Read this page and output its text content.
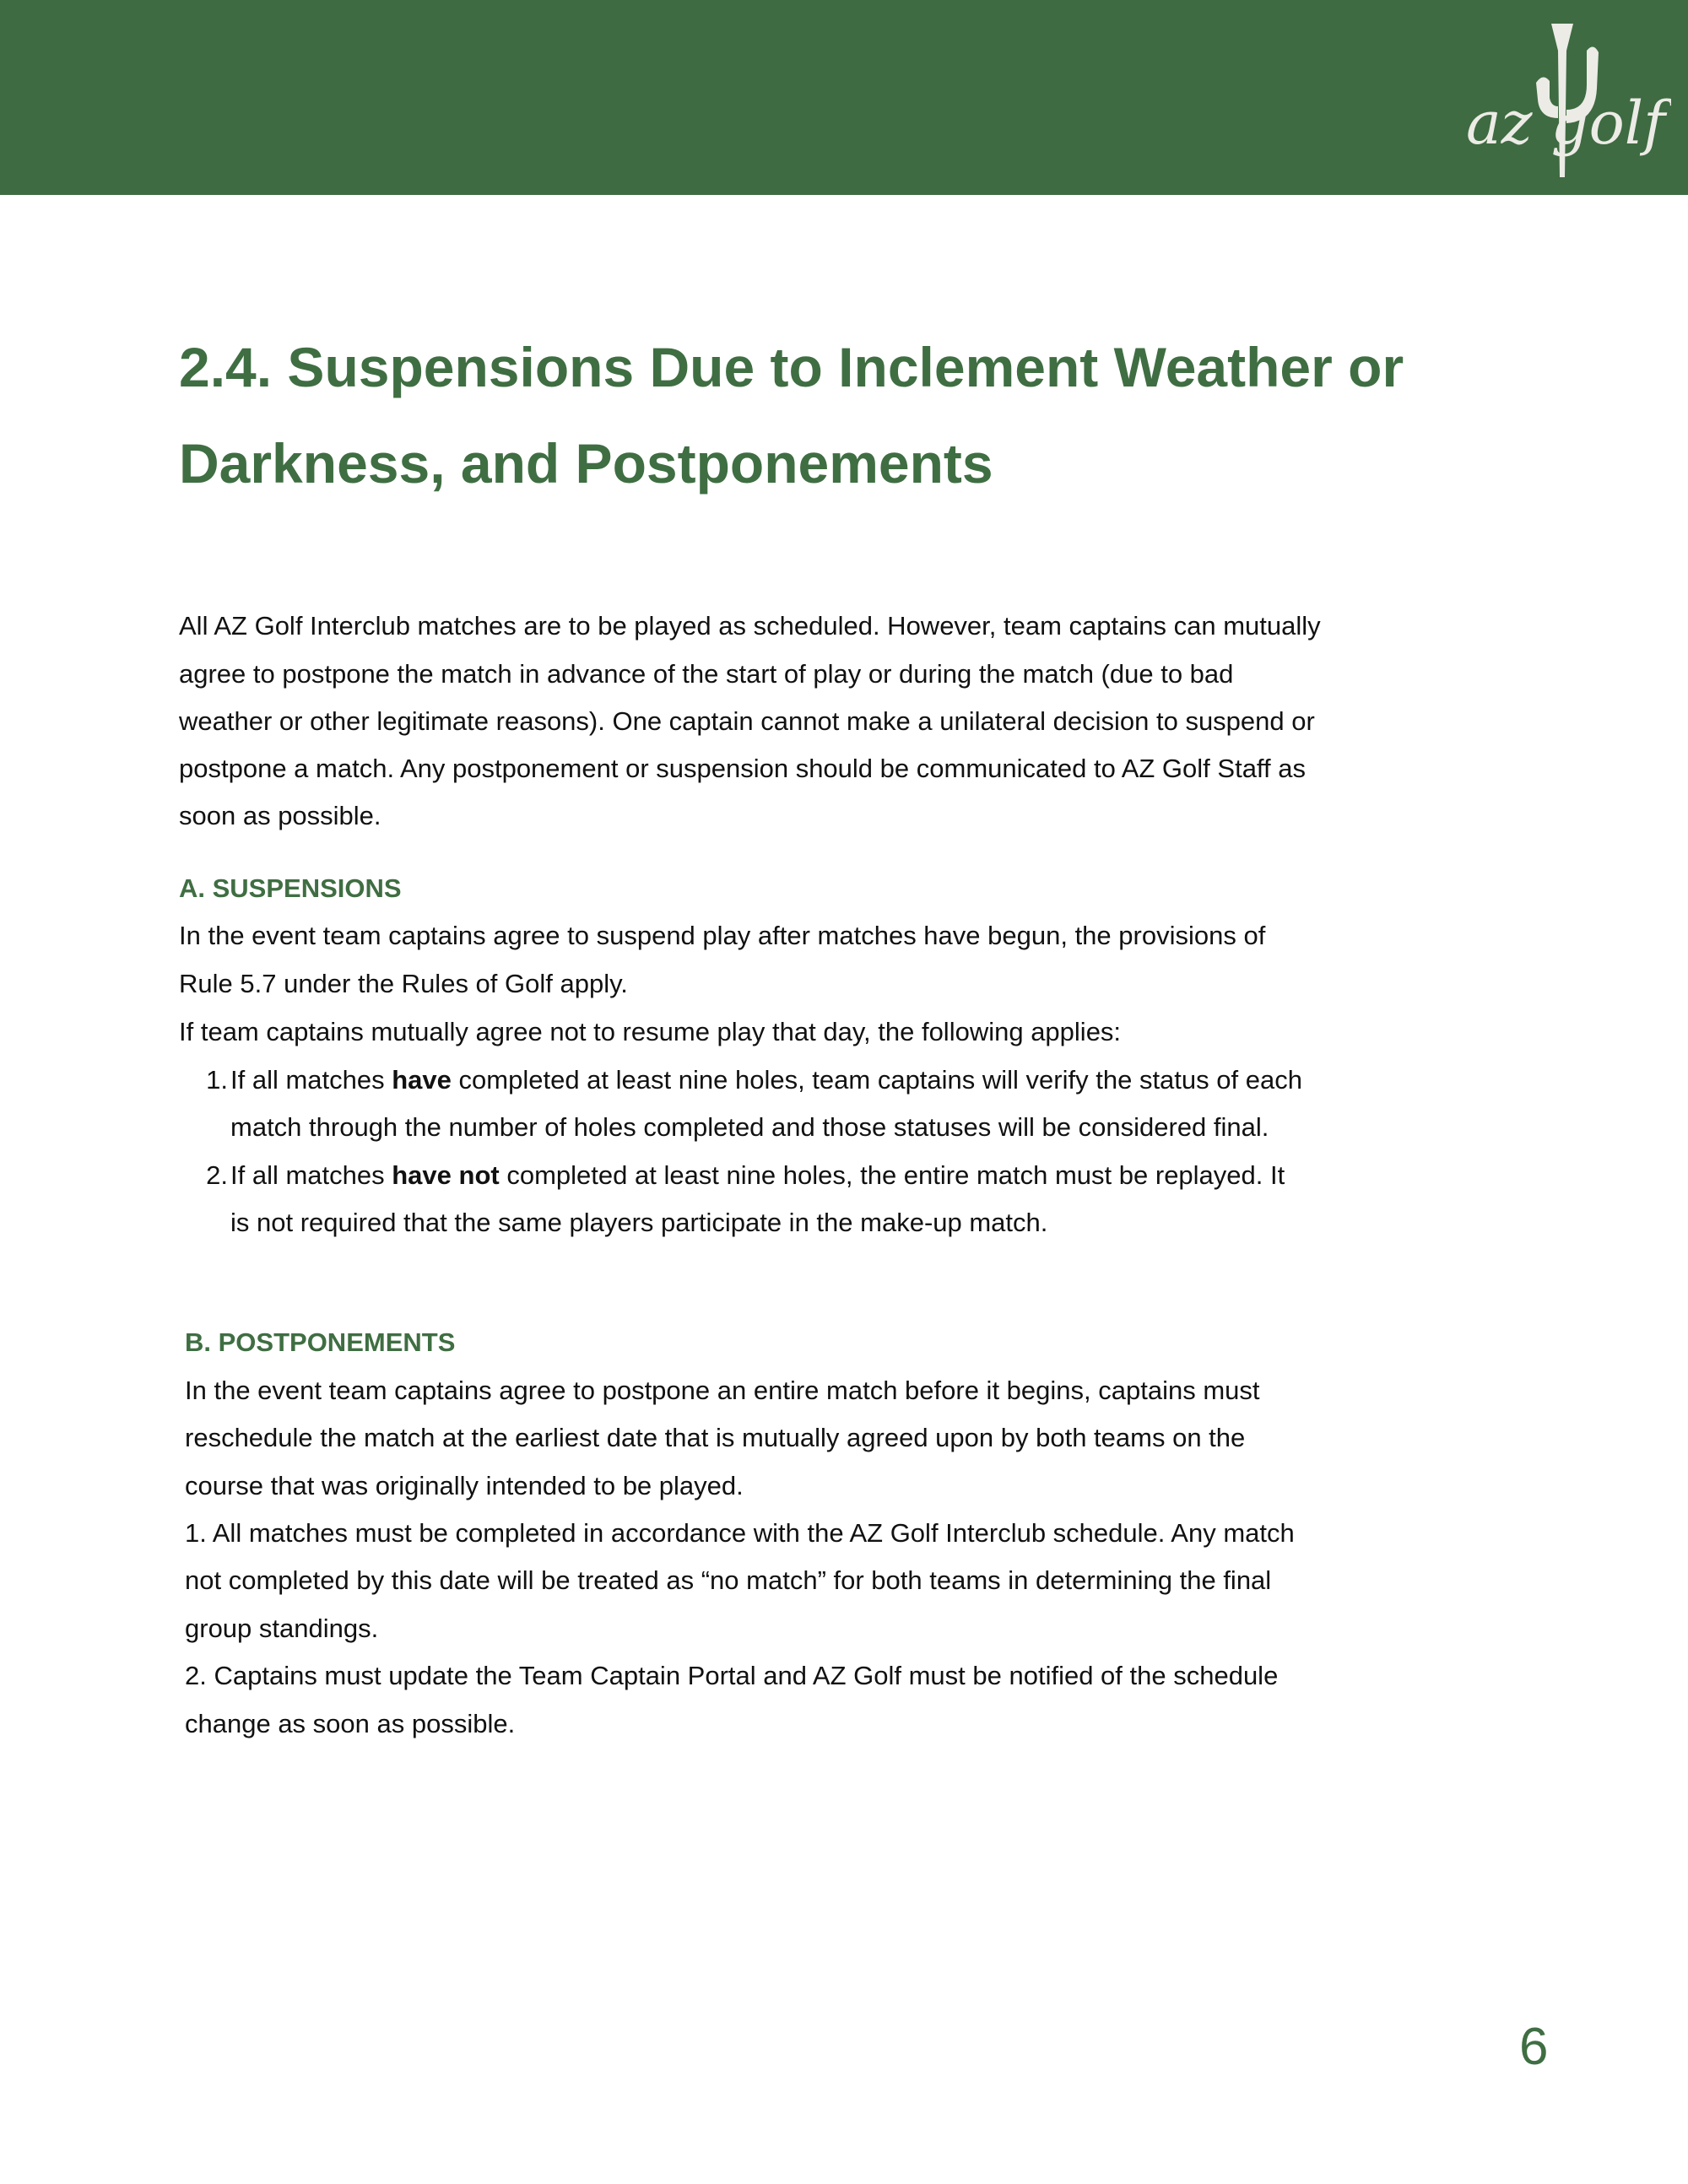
az golf
2.4. Suspensions Due to Inclement Weather or
Darkness, and Postponements
All AZ Golf Interclub matches are to be played as scheduled. However, team captains can mutually
agree to postpone the match in advance of the start of play or during the match (due to bad
weather or other legitimate reasons). One captain cannot make a unilateral decision to suspend or
postpone a match. Any postponement or suspension should be communicated to AZ Golf Staff as
soon as possible.
A. SUSPENSIONS
In the event team captains agree to suspend play after matches have begun, the provisions of
Rule 5.7 under the Rules of Golf apply.
If team captains mutually agree not to resume play that day, the following applies:
1. If all matches have completed at least nine holes, team captains will verify the status of each
match through the number of holes completed and those statuses will be considered final.
2. If all matches have not completed at least nine holes, the entire match must be replayed. It
is not required that the same players participate in the make-up match.
B. POSTPONEMENTS
In the event team captains agree to postpone an entire match before it begins, captains must
reschedule the match at the earliest date that is mutually agreed upon by both teams on the
course that was originally intended to be played.
1. All matches must be completed in accordance with the AZ Golf Interclub schedule. Any match
not completed by this date will be treated as “no match” for both teams in determining the final
group standings.
2. Captains must update the Team Captain Portal and AZ Golf must be notified of the schedule
change as soon as possible.
6
